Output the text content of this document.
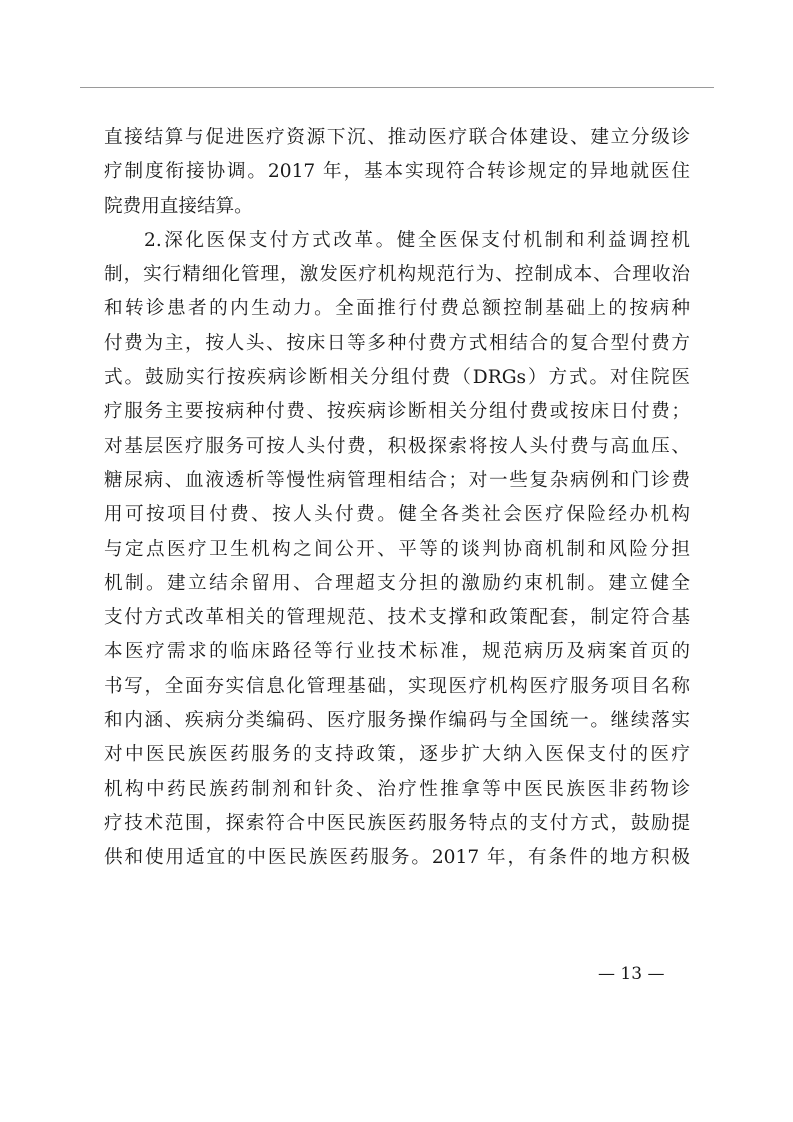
直接结算与促进医疗资源下沉、推动医疗联合体建设、建立分级诊
疗制度衔接协调。2017 年，基本实现符合转诊规定的异地就医住
院费用直接结算。
2.深化医保支付方式改革。健全医保支付机制和利益调控机
制，实行精细化管理，激发医疗机构规范行为、控制成本、合理收治
和转诊患者的内生动力。全面推行付费总额控制基础上的按病种
付费为主，按人头、按床日等多种付费方式相结合的复合型付费方
式。鼓励实行按疾病诊断相关分组付费（DRGs）方式。对住院医
疗服务主要按病种付费、按疾病诊断相关分组付费或按床日付费；
对基层医疗服务可按人头付费，积极探索将按人头付费与高血压、
糖尿病、血液透析等慢性病管理相结合；对一些复杂病例和门诊费
用可按项目付费、按人头付费。健全各类社会医疗保险经办机构
与定点医疗卫生机构之间公开、平等的谈判协商机制和风险分担
机制。建立结余留用、合理超支分担的激励约束机制。建立健全
支付方式改革相关的管理规范、技术支撑和政策配套，制定符合基
本医疗需求的临床路径等行业技术标准，规范病历及病案首页的
书写，全面夯实信息化管理基础，实现医疗机构医疗服务项目名称
和内涵、疾病分类编码、医疗服务操作编码与全国统一。继续落实
对中医民族医药服务的支持政策，逐步扩大纳入医保支付的医疗
机构中药民族药制剂和针灸、治疗性推拿等中医民族医非药物诊
疗技术范围，探索符合中医民族医药服务特点的支付方式，鼓励提
供和使用适宜的中医民族医药服务。2017 年，有条件的地方积极
— 13 —
